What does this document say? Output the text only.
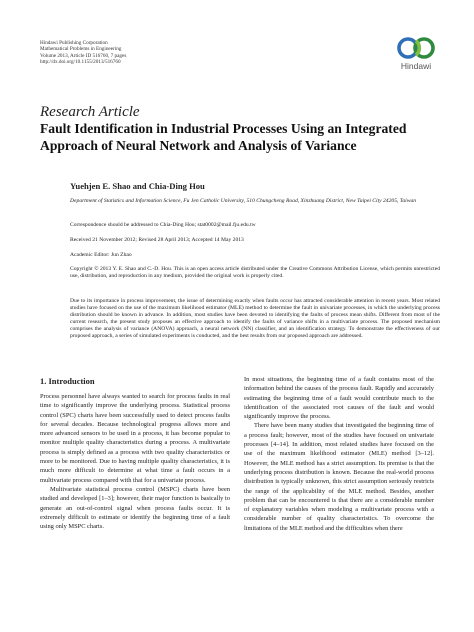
Hindawi Publishing Corporation
Mathematical Problems in Engineering
Volume 2013, Article ID 516760, 7 pages
http://dx.doi.org/10.1155/2013/516760	Hindawi
Research Article
Fault Identification in Industrial Processes Using an Integrated Approach of Neural Network and Analysis of Variance
Yuehjen E. Shao and Chia-Ding Hou
Department of Statistics and Information Science, Fu Jen Catholic University, 510 Chungcheng Road, Xinzhuang District, New Taipei City 24205, Taiwan
Correspondence should be addressed to Chia-Ding Hou; stat0002@mail.fju.edu.tw
Received 21 November 2012; Revised 28 April 2013; Accepted 14 May 2013
Academic Editor: Jun Zhao
Copyright © 2013 Y. E. Shao and C.-D. Hou. This is an open access article distributed under the Creative Commons Attribution License, which permits unrestricted use, distribution, and reproduction in any medium, provided the original work is properly cited.
Due to its importance in process improvement, the issue of determining exactly when faults occur has attracted considerable attention in recent years. Most related studies have focused on the use of the maximum likelihood estimator (MLE) method to determine the fault in univariate processes, in which the underlying process distribution should be known in advance. In addition, most studies have been devoted to identifying the faults of process mean shifts. Different from most of the current research, the present study proposes an effective approach to identify the faults of variance shifts in a multivariate process. The proposed mechanism comprises the analysis of variance (ANOVA) approach, a neural network (NN) classifier, and an identification strategy. To demonstrate the effectiveness of our proposed approach, a series of simulated experiments is conducted, and the best results from our proposed approach are addressed.
1. Introduction

Process personnel have always wanted to search for process faults in real time to significantly improve the underlying process. Statistical process control (SPC) charts have been successfully used to detect process faults for several decades. Because technological progress allows more and more advanced sensors to be used in a process, it has become popular to monitor multiple quality characteristics during a process. A multivariate process is simply defined as a process with two quality characteristics or more to be monitored. Due to having multiple quality characteristics, it is much more difficult to determine at what time a fault occurs in a multivariate process compared with that for a univariate process.

Multivariate statistical process control (MSPC) charts have been studied and developed [1–3]; however, their major function is basically to generate an out-of-control signal when process faults occur. It is extremely difficult to estimate or identify the beginning time of a fault using only MSPC charts.

In most situations, the beginning time of a fault contains most of the information behind the causes of the process fault. Rapidly and accurately estimating the beginning time of a fault would contribute much to the identification of the associated root causes of the fault and would significantly improve the process.

There have been many studies that investigated the beginning time of a process fault; however, most of the studies have focused on univariate processes [4–14]. In addition, most related studies have focused on the use of the maximum likelihood estimator (MLE) method [3–12]. However, the MLE method has a strict assumption. Its premise is that the underlying process distribution is known. Because the real-world process distribution is typically unknown, this strict assumption seriously restricts the range of the applicability of the MLE method. Besides, another problem that can be encountered is that there are a considerable number of explanatory variables when modeling a multivariate process with a considerable number of quality characteristics. To overcome the limitations of the MLE method and the difficulties when there
